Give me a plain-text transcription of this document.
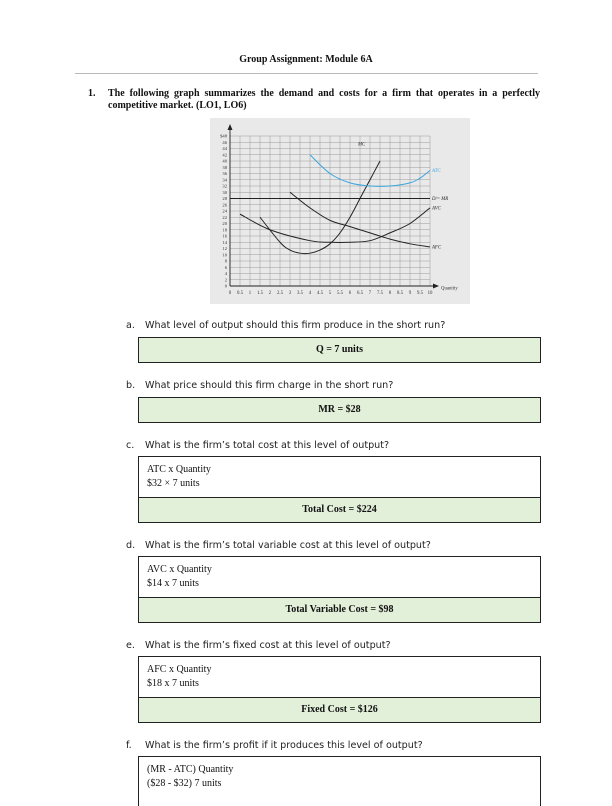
Group Assignment: Module 6A
1. The following graph summarizes the demand and costs for a firm that operates in a perfectly competitive market. (LO1, LO6)
$48
46
44
42
40
38
36
34
32
30
28
26
24
22
20
18
16
14
12
10
8
6
4
2
0
0 0.5 1 1.5 2 2.5 3 3.5 4 4.5 5 5.5 6 6.5 7 7.5 8 8.5 9 9.5 10
Quantity
MC
ATC
D/= MR
AVC
AFC
a. What level of output should this firm produce in the short run?
Q = 7 units
b. What price should this firm charge in the short run?
MR = $28
c. What is the firm’s total cost at this level of output?
ATC x Quantity
$32 × 7 units
Total Cost = $224
d. What is the firm’s total variable cost at this level of output?
AVC x Quantity
$14 x 7 units
Total Variable Cost = $98
e. What is the firm’s fixed cost at this level of output?
AFC x Quantity
$18 x 7 units
Fixed Cost = $126
f. What is the firm’s profit if it produces this level of output?
(MR - ATC) Quantity
($28 - $32) 7 units
